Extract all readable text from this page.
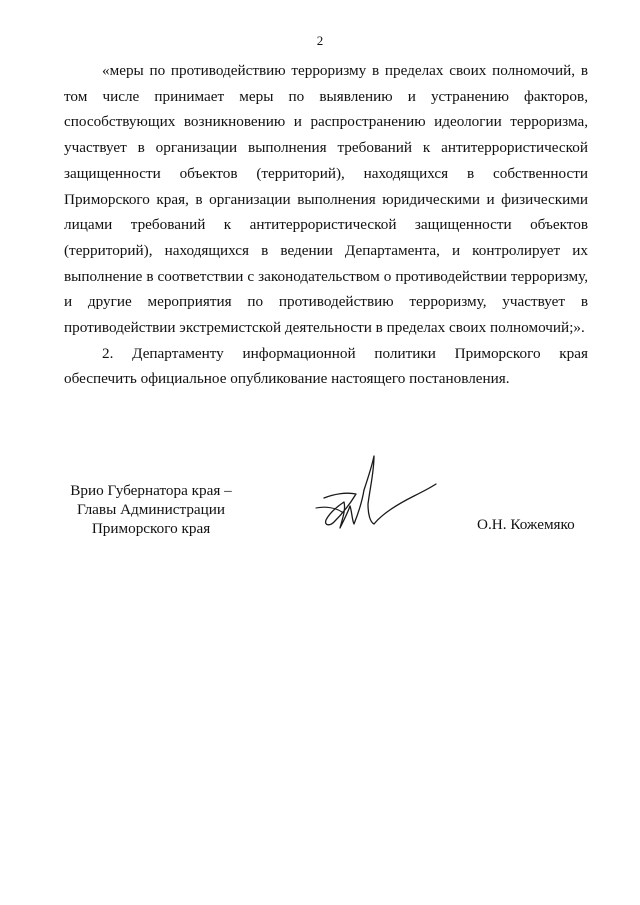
2

«меры по противодействию терроризму в пределах своих полномочий, в том числе принимает меры по выявлению и устранению факторов, способствующих возникновению и распространению идеологии терроризма, участвует в организации выполнения требований к антитеррористической защищенности объектов (территорий), находящихся в собственности Приморского края, в организации выполнения юридическими и физическими лицами требований к антитеррористической защищенности объектов (территорий), находящихся в ведении Департамента, и контролирует их выполнение в соответствии с законодательством о противодействии терроризму, и другие мероприятия по противодействию терроризму, участвует в противодействии экстремистской деятельности в пределах своих полномочий;».

2. Департаменту информационной политики Приморского края обеспечить официальное опубликование настоящего постановления.

Врио Губернатора края –
Главы Администрации
Приморского края	О.Н. Кожемяко
